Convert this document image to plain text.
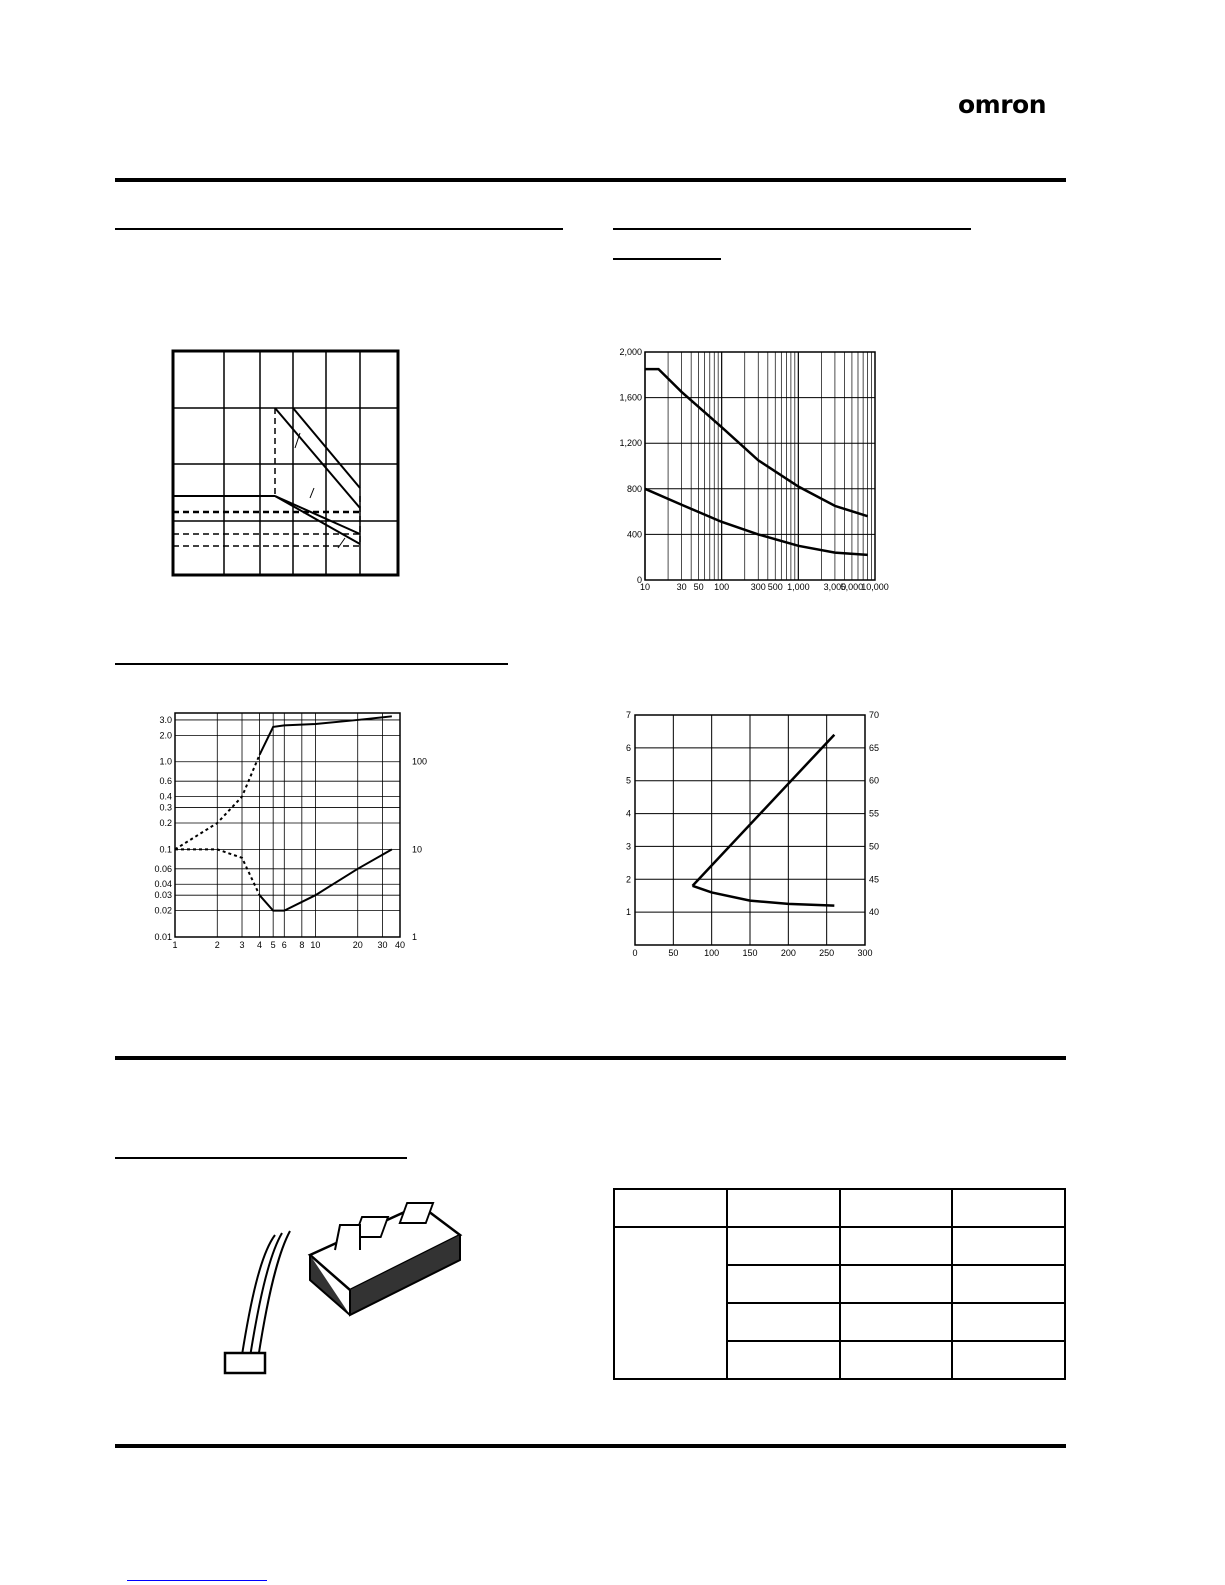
omron
0
400
800
1,200
1,600
2,000
10	30 50 100 300 500 1,000 3,000
5,000
10,000
1	2 3 4 5 6 8 10	20 30 40
0.01
0.02
0.03
0.04
0.06
0.1
0.2
0.3
0.4
0.6
1.0
2.0
3.0
1
10
100
0	50	100	150	200	250	300
1	40
2	45
3	50
4	55
5	60
6	65
7	70
